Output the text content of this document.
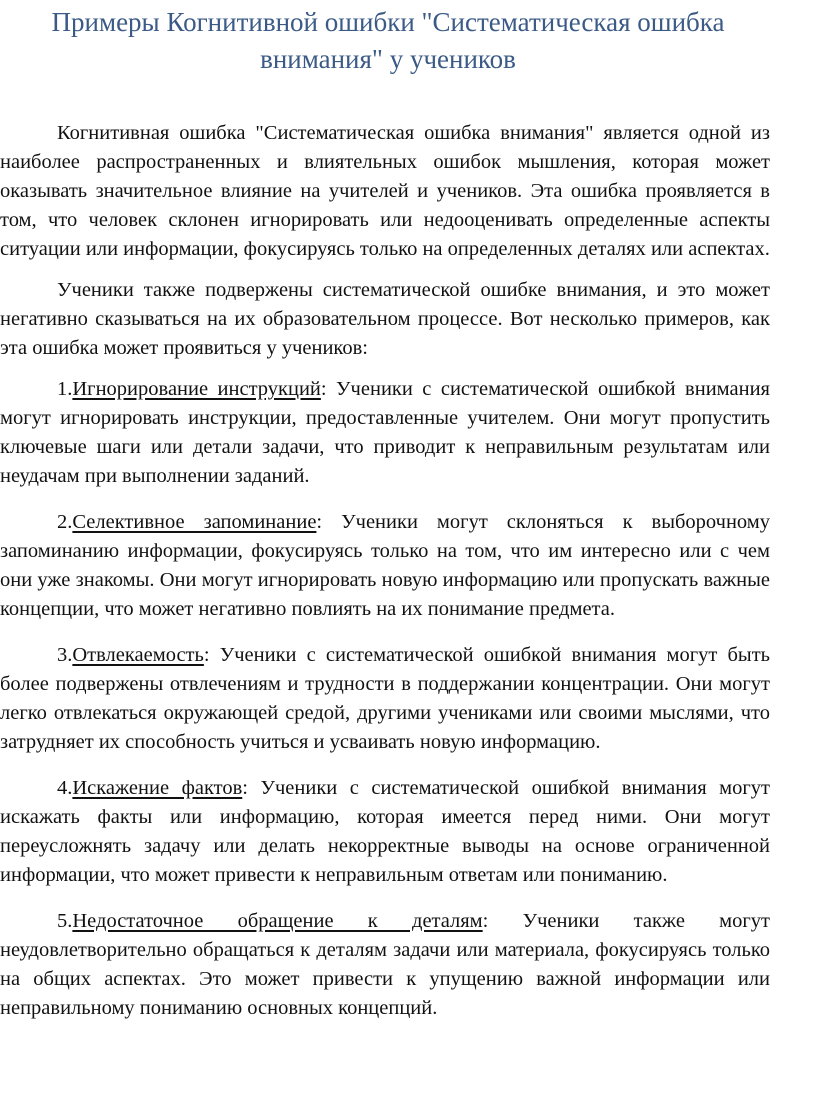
Примеры Когнитивной ошибки "Систематическая ошибка внимания" у учеников

Когнитивная ошибка "Систематическая ошибка внимания" является одной из наиболее распространенных и влиятельных ошибок мышления, которая может оказывать значительное влияние на учителей и учеников. Эта ошибка проявляется в том, что человек склонен игнорировать или недооценивать определенные аспекты ситуации или информации, фокусируясь только на определенных деталях или аспектах.

Ученики также подвержены систематической ошибке внимания, и это может негативно сказываться на их образовательном процессе. Вот несколько примеров, как эта ошибка может проявиться у учеников:

1.Игнорирование инструкций: Ученики с систематической ошибкой внимания могут игнорировать инструкции, предоставленные учителем. Они могут пропустить ключевые шаги или детали задачи, что приводит к неправильным результатам или неудачам при выполнении заданий.

2.Селективное запоминание: Ученики могут склоняться к выборочному запоминанию информации, фокусируясь только на том, что им интересно или с чем они уже знакомы. Они могут игнорировать новую информацию или пропускать важные концепции, что может негативно повлиять на их понимание предмета.

3.Отвлекаемость: Ученики с систематической ошибкой внимания могут быть более подвержены отвлечениям и трудности в поддержании концентрации. Они могут легко отвлекаться окружающей средой, другими учениками или своими мыслями, что затрудняет их способность учиться и усваивать новую информацию.

4.Искажение фактов: Ученики с систематической ошибкой внимания могут искажать факты или информацию, которая имеется перед ними. Они могут переусложнять задачу или делать некорректные выводы на основе ограниченной информации, что может привести к неправильным ответам или пониманию.

5.Недостаточное обращение к деталям: Ученики также могут неудовлетворительно обращаться к деталям задачи или материала, фокусируясь только на общих аспектах. Это может привести к упущению важной информации или неправильному пониманию основных концепций.
